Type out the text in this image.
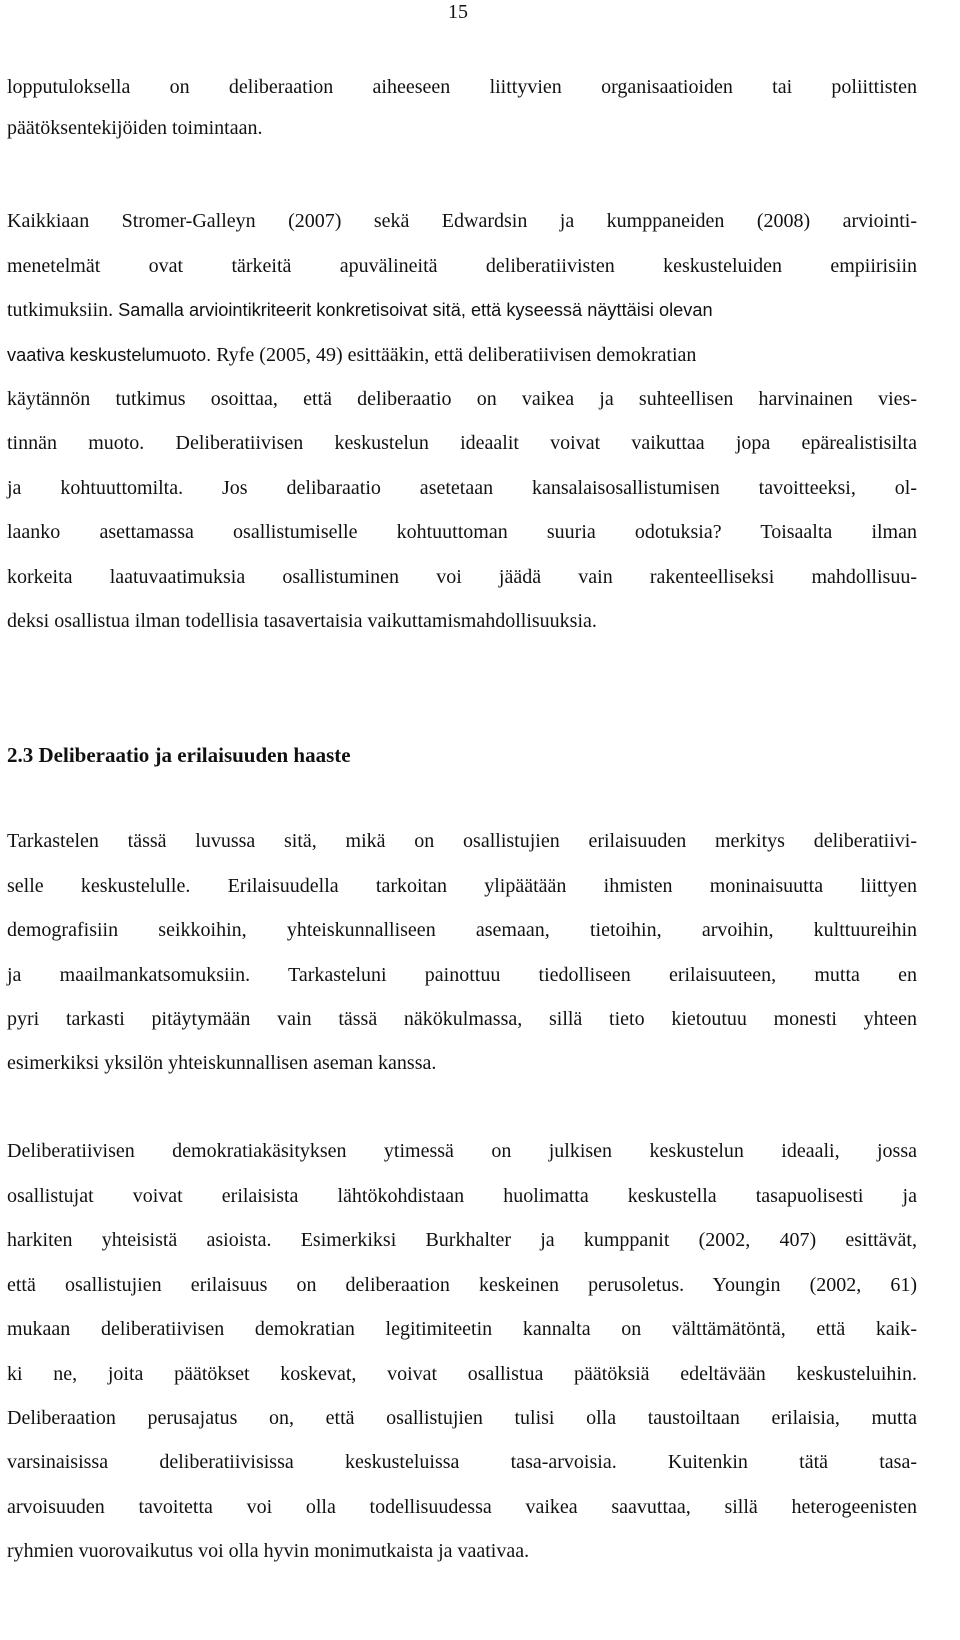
15
lopputuloksella on deliberaation aiheeseen liittyvien organisaatioiden tai poliittisten
päätöksentekijöiden toimintaan.
Kaikkiaan Stromer-Galleyn (2007) sekä Edwardsin ja kumppaneiden (2008) arviointi-
menetelmät ovat tärkeitä apuvälineitä deliberatiivisten keskusteluiden empiirisiin
tutkimuksiin. Samalla arviointikriteerit konkretisoivat sitä, että kyseessä näyttäisi olevan
vaativa keskustelumuoto. Ryfe (2005, 49) esittääkin, että deliberatiivisen demokratian
käytännön tutkimus osoittaa, että deliberaatio on vaikea ja suhteellisen harvinainen vies-
tinnän muoto. Deliberatiivisen keskustelun ideaalit voivat vaikuttaa jopa epärealistisilta
ja kohtuuttomilta. Jos delibaraatio asetetaan kansalaisosallistumisen tavoitteeksi, ol-
laanko asettamassa osallistumiselle kohtuuttoman suuria odotuksia? Toisaalta ilman
korkeita laatuvaatimuksia osallistuminen voi jäädä vain rakenteelliseksi mahdollisuu-
deksi osallistua ilman todellisia tasavertaisia vaikuttamismahdollisuuksia.
2.3 Deliberaatio ja erilaisuuden haaste
Tarkastelen tässä luvussa sitä, mikä on osallistujien erilaisuuden merkitys deliberatiivi-
selle keskustelulle. Erilaisuudella tarkoitan ylipäätään ihmisten moninaisuutta liittyen
demografisiin seikkoihin, yhteiskunnalliseen asemaan, tietoihin, arvoihin, kulttuureihin
ja maailmankatsomuksiin. Tarkasteluni painottuu tiedolliseen erilaisuuteen, mutta en
pyri tarkasti pitäytymään vain tässä näkökulmassa, sillä tieto kietoutuu monesti yhteen
esimerkiksi yksilön yhteiskunnallisen aseman kanssa.
Deliberatiivisen demokratiakäsityksen ytimessä on julkisen keskustelun ideaali, jossa
osallistujat voivat erilaisista lähtökohdistaan huolimatta keskustella tasapuolisesti ja
harkiten yhteisistä asioista. Esimerkiksi Burkhalter ja kumppanit (2002, 407) esittävät,
että osallistujien erilaisuus on deliberaation keskeinen perusoletus. Youngin (2002, 61)
mukaan deliberatiivisen demokratian legitimiteetin kannalta on välttämätöntä, että kaik-
ki ne, joita päätökset koskevat, voivat osallistua päätöksiä edeltävään keskusteluihin.
Deliberaation perusajatus on, että osallistujien tulisi olla taustoiltaan erilaisia, mutta
varsinaisissa deliberatiivisissa keskusteluissa tasa-arvoisia. Kuitenkin tätä tasa-
arvoisuuden tavoitetta voi olla todellisuudessa vaikea saavuttaa, sillä heterogeenisten
ryhmien vuorovaikutus voi olla hyvin monimutkaista ja vaativaa.
